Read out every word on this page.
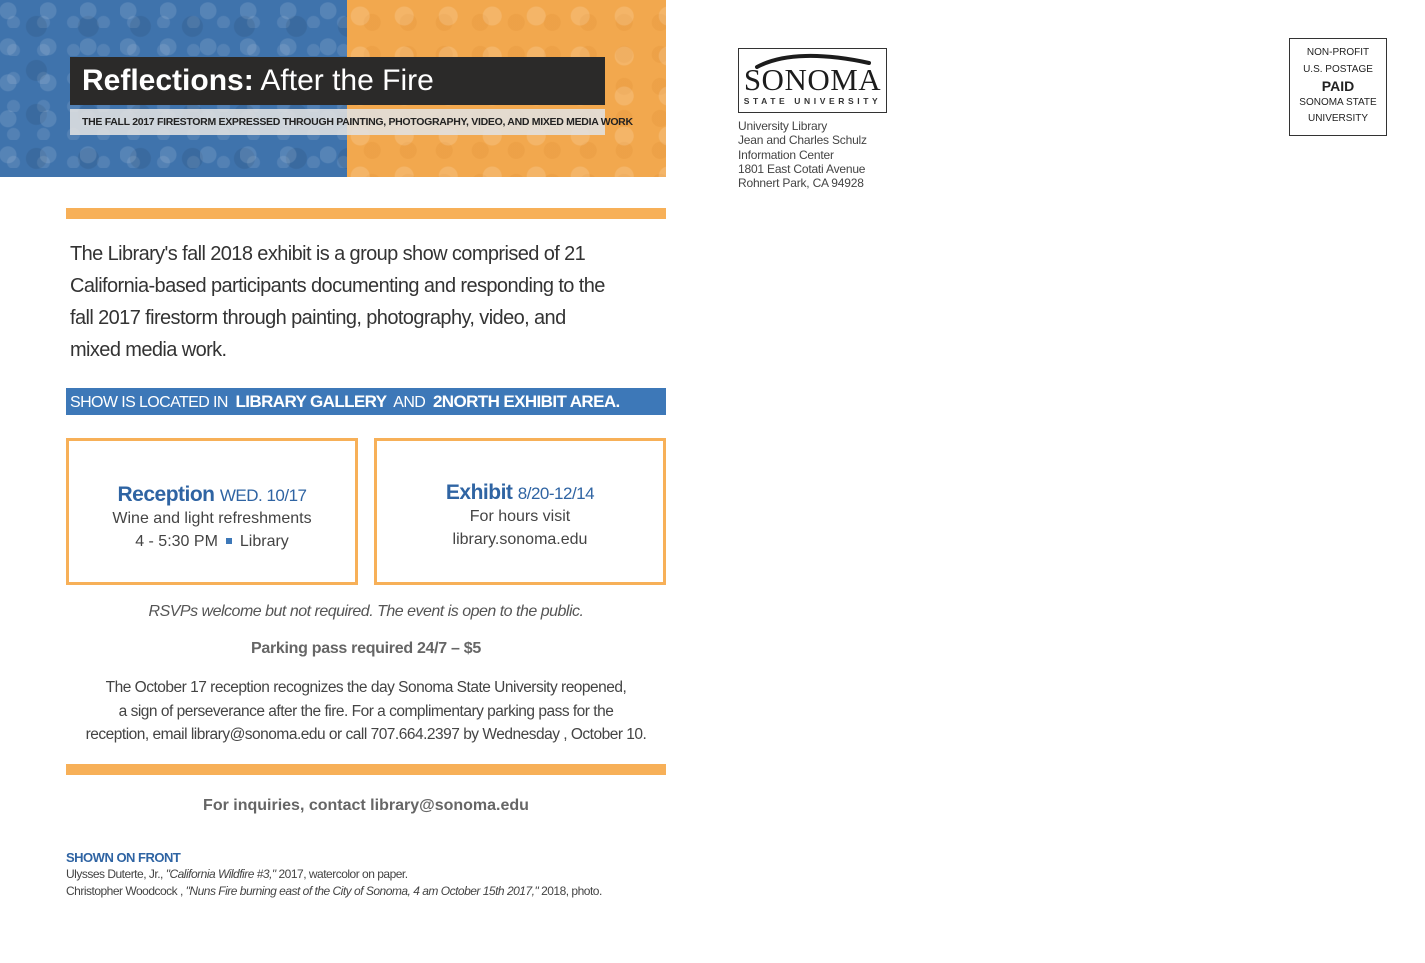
Reflections: After the Fire
THE FALL 2017 FIRESTORM EXPRESSED THROUGH PAINTING, PHOTOGRAPHY, VIDEO, AND MIXED MEDIA WORK
The Library's fall 2018 exhibit is a group show comprised of 21
California-based participants documenting and responding to the
fall 2017 firestorm through painting, photography, video, and
mixed media work.
SHOW IS LOCATED IN LIBRARY GALLERY AND 2NORTH EXHIBIT AREA.
Reception WED. 10/17
Wine and light refreshments
4 - 5:30 PM Library
Exhibit 8/20-12/14
For hours visit
library.sonoma.edu
RSVPs welcome but not required. The event is open to the public.
Parking pass required 24/7 – $5
The October 17 reception recognizes the day Sonoma State University reopened,
a sign of perseverance after the fire. For a complimentary parking pass for the
reception, email library@sonoma.edu or call 707.664.2397 by Wednesday , October 10.
For inquiries, contact library@sonoma.edu
SHOWN ON FRONT
Ulysses Duterte, Jr., "California Wildfire #3," 2017, watercolor on paper.
Christopher Woodcock , "Nuns Fire burning east of the City of Sonoma, 4 am October 15th 2017," 2018, photo.
SONOMA
STATE UNIVERSITY
University Library
Jean and Charles Schulz
Information Center
1801 East Cotati Avenue
Rohnert Park, CA 94928
NON-PROFIT
U.S. POSTAGE
PAID
SONOMA STATE
UNIVERSITY
